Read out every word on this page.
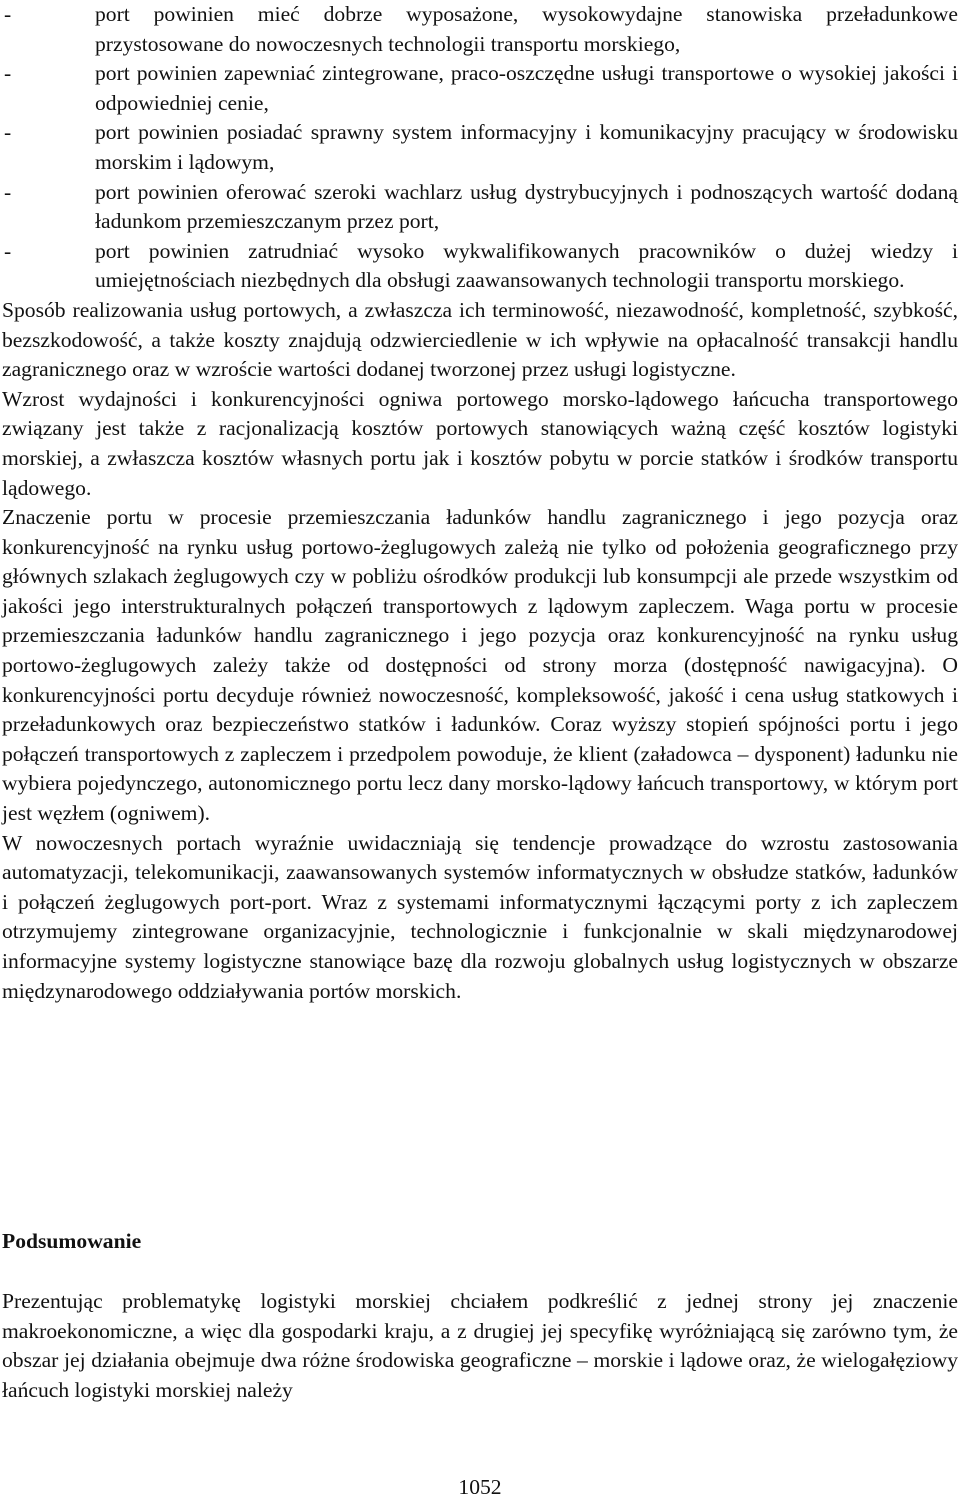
-	port powinien mieć dobrze wyposażone, wysokowydajne stanowiska przeładunkowe przystosowane do nowoczesnych technologii transportu morskiego,
-	port powinien zapewniać zintegrowane, praco-oszczędne usługi transportowe o wysokiej jakości i odpowiedniej cenie,
-	port powinien posiadać sprawny system informacyjny i komunikacyjny pracujący w środowisku morskim i lądowym,
-	port powinien oferować szeroki wachlarz usług dystrybucyjnych i podnoszących wartość dodaną ładunkom przemieszczanym przez port,
-	port powinien zatrudniać wysoko wykwalifikowanych pracowników o dużej wiedzy i umiejętnościach niezbędnych dla obsługi zaawansowanych technologii transportu morskiego.

Sposób realizowania usług portowych, a zwłaszcza ich terminowość, niezawodność, kompletność, szybkość, bezszkodowość, a także koszty znajdują odzwierciedlenie w ich wpływie na opłacalność transakcji handlu zagranicznego oraz w wzroście wartości dodanej tworzonej przez usługi logistyczne.

Wzrost wydajności i konkurencyjności ogniwa portowego morsko-lądowego łańcucha transportowego związany jest także z racjonalizacją kosztów portowych stanowiących ważną część kosztów logistyki morskiej, a zwłaszcza kosztów własnych portu jak i kosztów pobytu w porcie statków i środków transportu lądowego.

Znaczenie portu w procesie przemieszczania ładunków handlu zagranicznego i jego pozycja oraz konkurencyjność na rynku usług portowo-żeglugowych zależą nie tylko od położenia geograficznego przy głównych szlakach żeglugowych czy w pobliżu ośrodków produkcji lub konsumpcji ale przede wszystkim od jakości jego interstrukturalnych połączeń transportowych z lądowym zapleczem. Waga portu w procesie przemieszczania ładunków handlu zagranicznego i jego pozycja oraz konkurencyjność na rynku usług portowo-żeglugowych zależy także od dostępności od strony morza (dostępność nawigacyjna). O konkurencyjności portu decyduje również nowoczesność, kompleksowość, jakość i cena usług statkowych i przeładunkowych oraz bezpieczeństwo statków i ładunków. Coraz wyższy stopień spójności portu i jego połączeń transportowych z zapleczem i przedpolem powoduje, że klient (załadowca – dysponent) ładunku nie wybiera pojedynczego, autonomicznego portu lecz dany morsko-lądowy łańcuch transportowy, w którym port jest węzłem (ogniwem).

W nowoczesnych portach wyraźnie uwidaczniają się tendencje prowadzące do wzrostu zastosowania automatyzacji, telekomunikacji, zaawansowanych systemów informatycznych w obsłudze statków, ładunków i połączeń żeglugowych port-port. Wraz z systemami informatycznymi łączącymi porty z ich zapleczem otrzymujemy zintegrowane organizacyjnie, technologicznie i funkcjonalnie w skali międzynarodowej informacyjne systemy logistyczne stanowiące bazę dla rozwoju globalnych usług logistycznych w obszarze międzynarodowego oddziaływania portów morskich.

Podsumowanie

Prezentując problematykę logistyki morskiej chciałem podkreślić z jednej strony jej znaczenie makroekonomiczne, a więc dla gospodarki kraju, a z drugiej jej specyfikę wyróżniającą się zarówno tym, że obszar jej działania obejmuje dwa różne środowiska geograficzne – morskie i lądowe oraz, że wielogałęziowy łańcuch logistyki morskiej należy

1052
